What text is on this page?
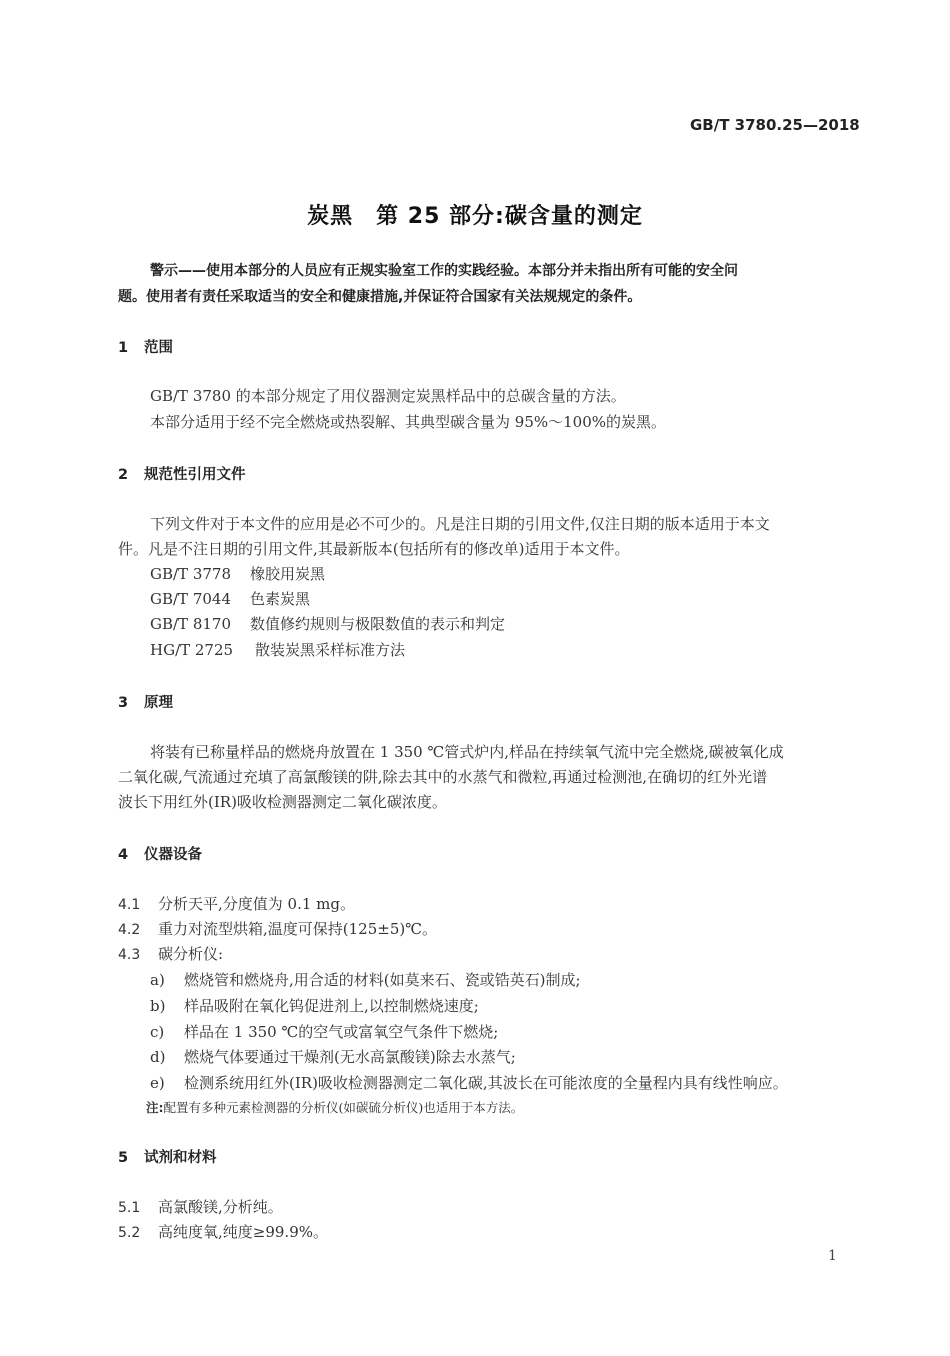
GB/T 3780.25—2018
炭黑　第 25 部分:碳含量的测定
警示——使用本部分的人员应有正规实验室工作的实践经验。本部分并未指出所有可能的安全问
题。使用者有责任采取适当的安全和健康措施,并保证符合国家有关法规规定的条件。
1 范围
GB/T 3780 的本部分规定了用仪器测定炭黑样品中的总碳含量的方法。
本部分适用于经不完全燃烧或热裂解、其典型碳含量为 95%～100%的炭黑。
2 规范性引用文件
下列文件对于本文件的应用是必不可少的。凡是注日期的引用文件,仅注日期的版本适用于本文
件。凡是不注日期的引用文件,其最新版本(包括所有的修改单)适用于本文件。
GB/T 3778 橡胶用炭黑
GB/T 7044 色素炭黑
GB/T 8170 数值修约规则与极限数值的表示和判定
HG/T 2725 散装炭黑采样标准方法
3 原理
将装有已称量样品的燃烧舟放置在 1 350 ℃管式炉内,样品在持续氧气流中完全燃烧,碳被氧化成
二氧化碳,气流通过充填了高氯酸镁的阱,除去其中的水蒸气和微粒,再通过检测池,在确切的红外光谱
波长下用红外(IR)吸收检测器测定二氧化碳浓度。
4 仪器设备
4.1 分析天平,分度值为 0.1 mg。
4.2 重力对流型烘箱,温度可保持(125±5)℃。
4.3 碳分析仪:
a) 燃烧管和燃烧舟,用合适的材料(如莫来石、瓷或锆英石)制成;
b) 样品吸附在氧化钨促进剂上,以控制燃烧速度;
c) 样品在 1 350 ℃的空气或富氧空气条件下燃烧;
d) 燃烧气体要通过干燥剂(无水高氯酸镁)除去水蒸气;
e) 检测系统用红外(IR)吸收检测器测定二氧化碳,其波长在可能浓度的全量程内具有线性响应。
注:配置有多种元素检测器的分析仪(如碳硫分析仪)也适用于本方法。
5 试剂和材料
5.1 高氯酸镁,分析纯。
5.2 高纯度氧,纯度≥99.9%。
1
